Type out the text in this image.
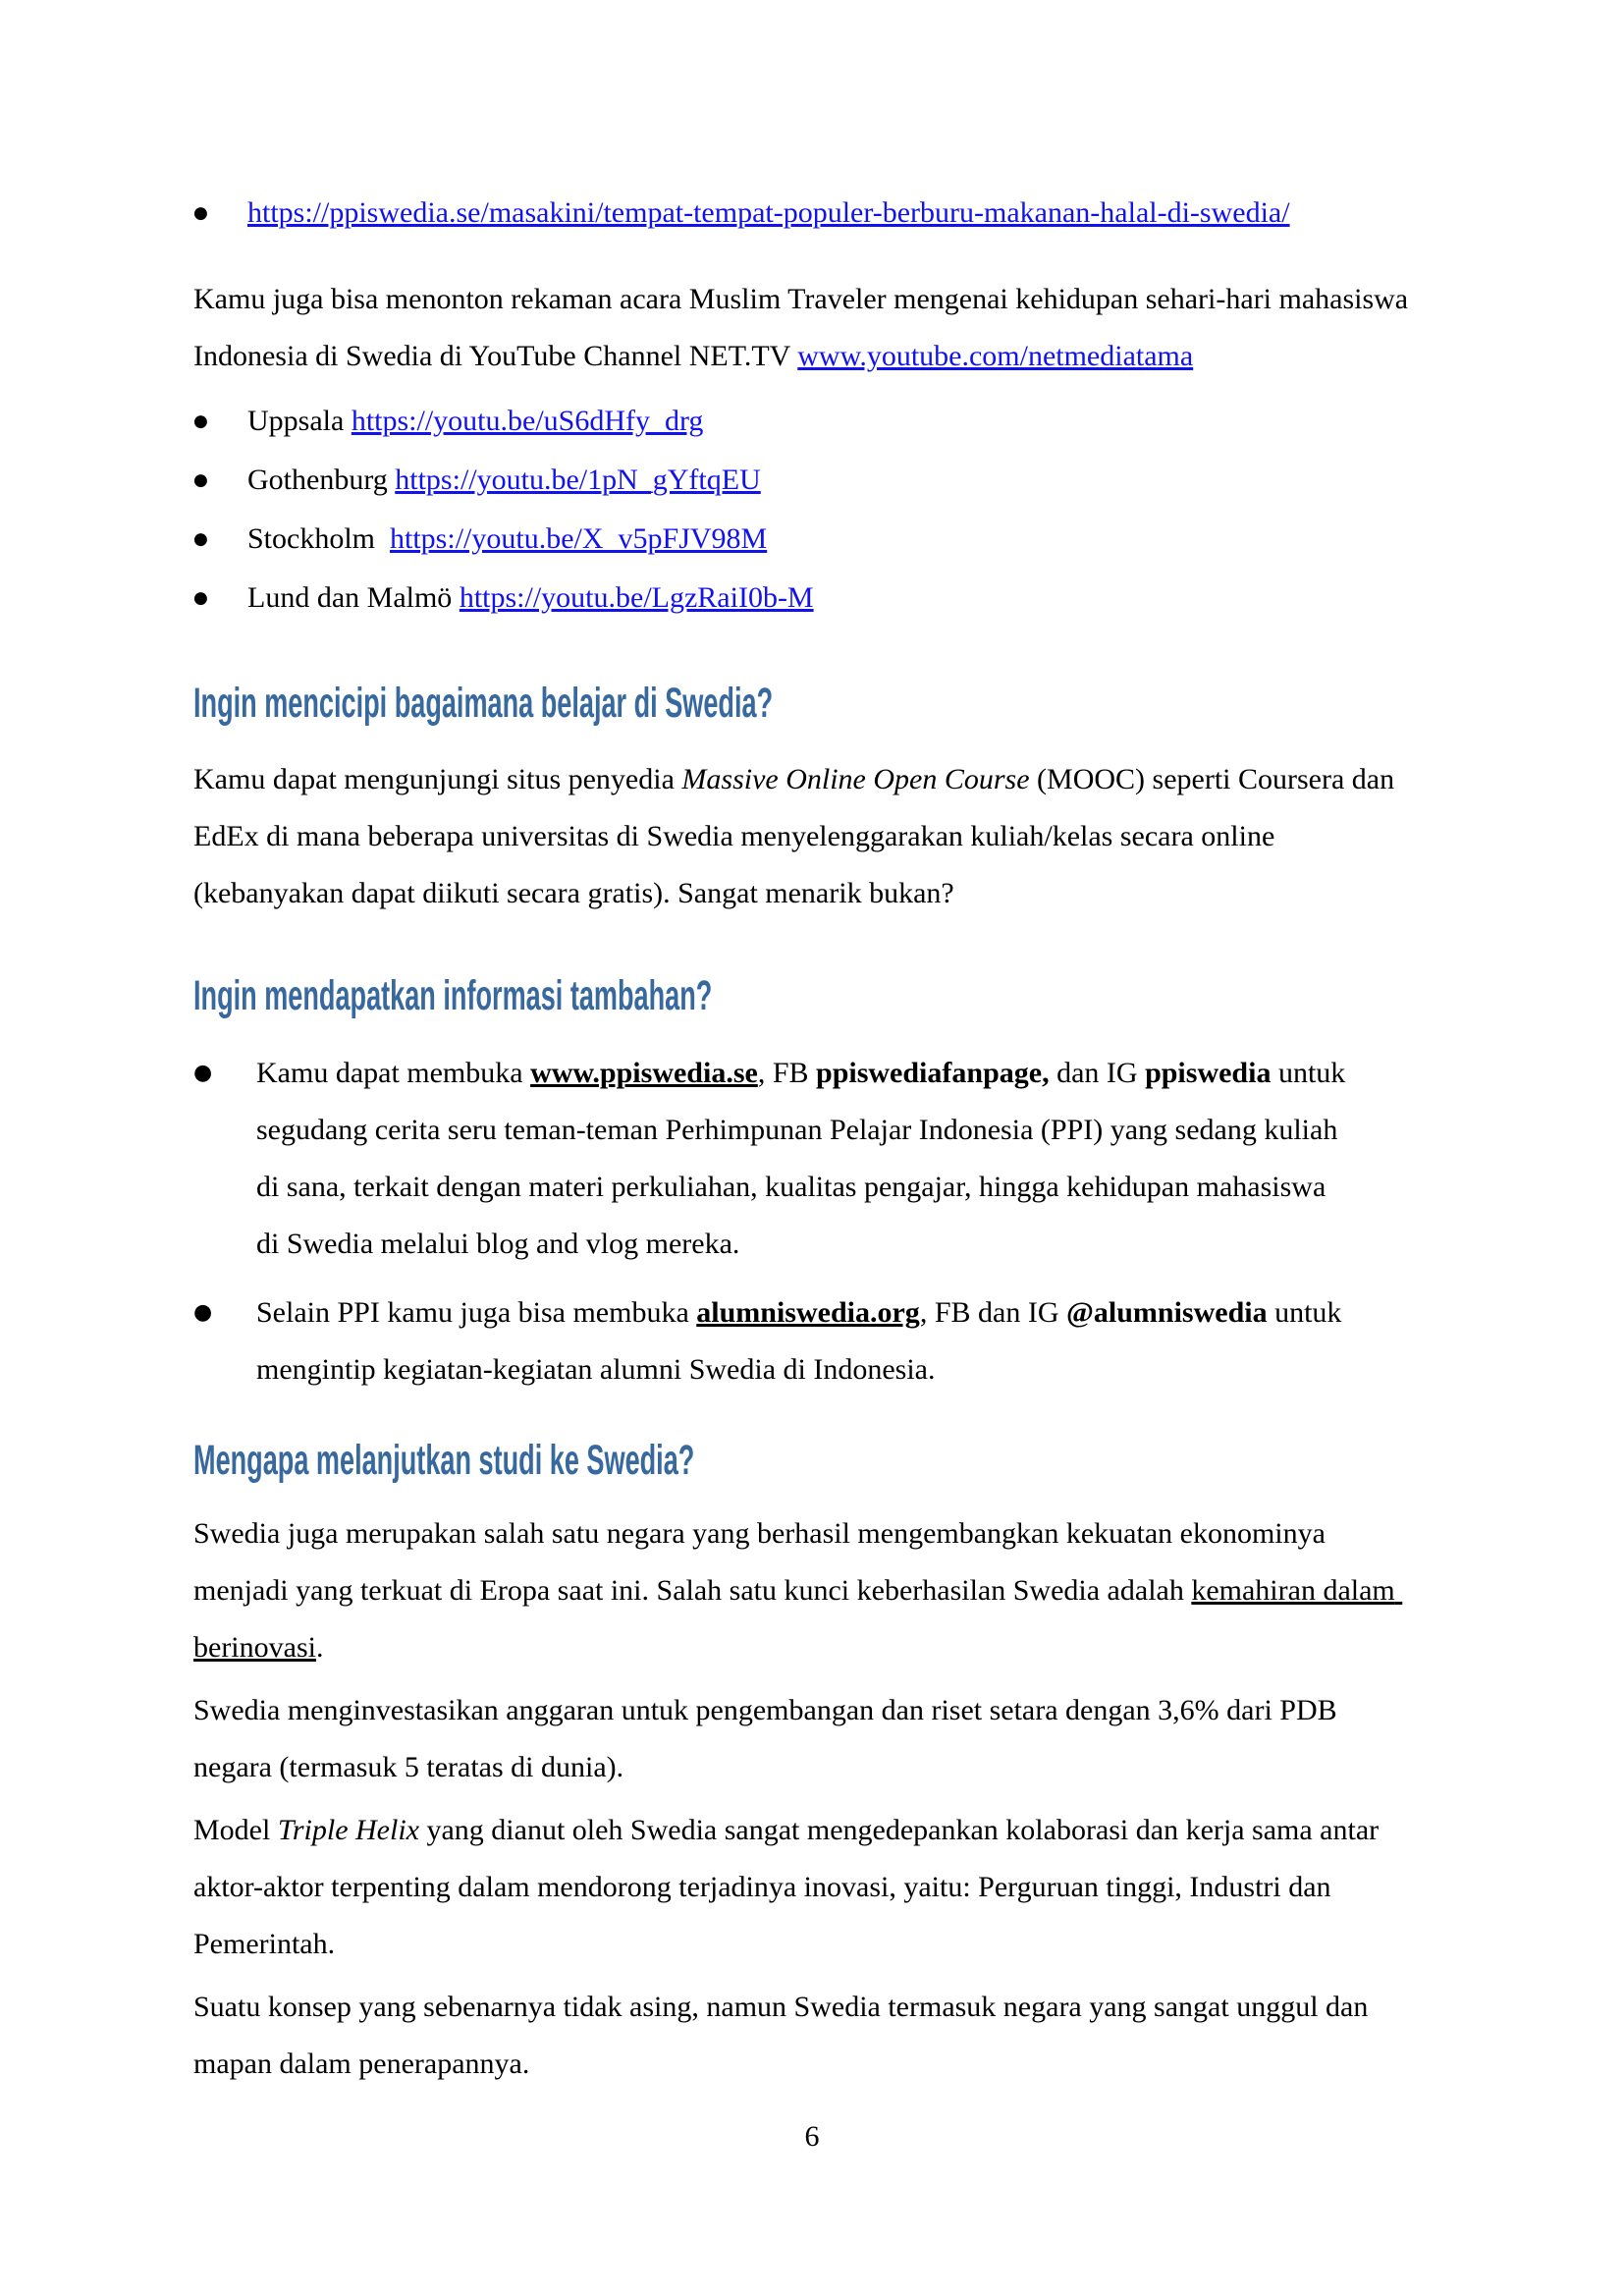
●	https://ppiswedia.se/masakini/tempat-tempat-populer-berburu-makanan-halal-di-swedia/
Kamu juga bisa menonton rekaman acara Muslim Traveler mengenai kehidupan sehari-hari mahasiswa Indonesia di Swedia di YouTube Channel NET.TV www.youtube.com/netmediatama
●	Uppsala https://youtu.be/uS6dHfy_drg
●	Gothenburg https://youtu.be/1pN_gYftqEU
●	Stockholm  https://youtu.be/X_v5pFJV98M
●	Lund dan Malmö https://youtu.be/LgzRaiI0b-M
Ingin mencicipi bagaimana belajar di Swedia?
Kamu dapat mengunjungi situs penyedia Massive Online Open Course (MOOC) seperti Coursera dan EdEx di mana beberapa universitas di Swedia menyelenggarakan kuliah/kelas secara online (kebanyakan dapat diikuti secara gratis). Sangat menarik bukan?
Ingin mendapatkan informasi tambahan?
●	Kamu dapat membuka www.ppiswedia.se, FB ppiswediafanpage, dan IG ppiswedia untuk segudang cerita seru teman-teman Perhimpunan Pelajar Indonesia (PPI) yang sedang kuliah di sana, terkait dengan materi perkuliahan, kualitas pengajar, hingga kehidupan mahasiswa di Swedia melalui blog and vlog mereka.
●	Selain PPI kamu juga bisa membuka alumniswedia.org, FB dan IG @alumniswedia untuk mengintip kegiatan-kegiatan alumni Swedia di Indonesia.
Mengapa melanjutkan studi ke Swedia?
Swedia juga merupakan salah satu negara yang berhasil mengembangkan kekuatan ekonominya menjadi yang terkuat di Eropa saat ini. Salah satu kunci keberhasilan Swedia adalah kemahiran dalam berinovasi.
Swedia menginvestasikan anggaran untuk pengembangan dan riset setara dengan 3,6% dari PDB negara (termasuk 5 teratas di dunia).
Model Triple Helix yang dianut oleh Swedia sangat mengedepankan kolaborasi dan kerja sama antar aktor-aktor terpenting dalam mendorong terjadinya inovasi, yaitu: Perguruan tinggi, Industri dan Pemerintah.
Suatu konsep yang sebenarnya tidak asing, namun Swedia termasuk negara yang sangat unggul dan mapan dalam penerapannya.
6
